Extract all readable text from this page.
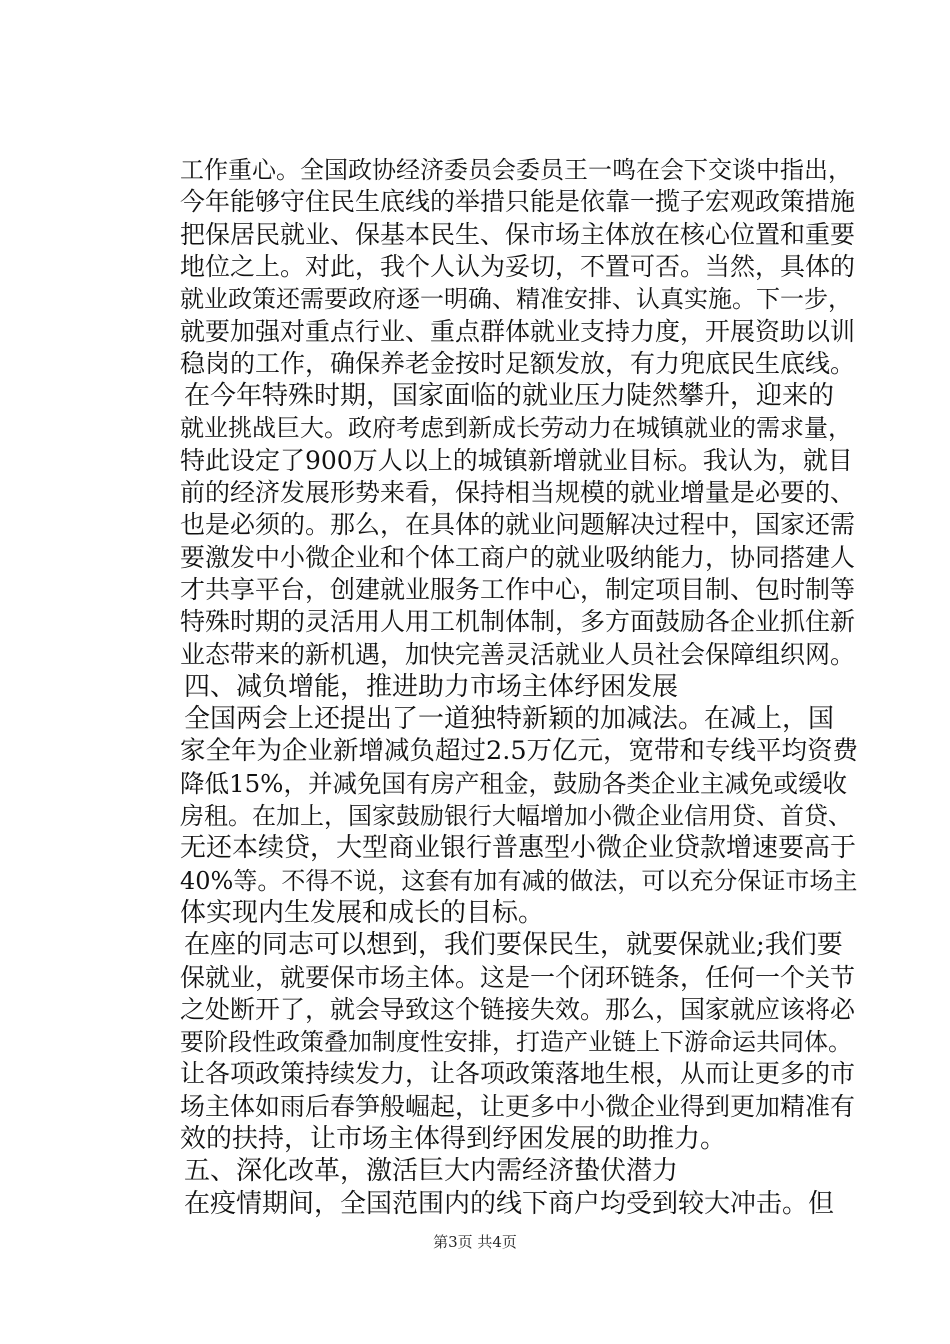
工作重心。全国政协经济委员会委员王一鸣在会下交谈中指出，
今年能够守住民生底线的举措只能是依靠一揽子宏观政策措施
把保居民就业、保基本民生、保市场主体放在核心位置和重要
地位之上。对此，我个人认为妥切，不置可否。当然，具体的
就业政策还需要政府逐一明确、精准安排、认真实施。下一步，
就要加强对重点行业、重点群体就业支持力度，开展资助以训
稳岗的工作，确保养老金按时足额发放，有力兜底民生底线。
在今年特殊时期，国家面临的就业压力陡然攀升，迎来的
就业挑战巨大。政府考虑到新成长劳动力在城镇就业的需求量，
特此设定了900万人以上的城镇新增就业目标。我认为，就目
前的经济发展形势来看，保持相当规模的就业增量是必要的、
也是必须的。那么，在具体的就业问题解决过程中，国家还需
要激发中小微企业和个体工商户的就业吸纳能力，协同搭建人
才共享平台，创建就业服务工作中心，制定项目制、包时制等
特殊时期的灵活用人用工机制体制，多方面鼓励各企业抓住新
业态带来的新机遇，加快完善灵活就业人员社会保障组织网。
四、减负增能，推进助力市场主体纾困发展
全国两会上还提出了一道独特新颖的加减法。在减上，国
家全年为企业新增减负超过2.5万亿元，宽带和专线平均资费
降低15%，并减免国有房产租金，鼓励各类企业主减免或缓收
房租。在加上，国家鼓励银行大幅增加小微企业信用贷、首贷、
无还本续贷，大型商业银行普惠型小微企业贷款增速要高于
40%等。不得不说，这套有加有减的做法，可以充分保证市场主
体实现内生发展和成长的目标。
在座的同志可以想到，我们要保民生，就要保就业;我们要
保就业，就要保市场主体。这是一个闭环链条，任何一个关节
之处断开了，就会导致这个链接失效。那么，国家就应该将必
要阶段性政策叠加制度性安排，打造产业链上下游命运共同体。
让各项政策持续发力，让各项政策落地生根，从而让更多的市
场主体如雨后春笋般崛起，让更多中小微企业得到更加精准有
效的扶持，让市场主体得到纾困发展的助推力。
五、深化改革，激活巨大内需经济蛰伏潜力
在疫情期间，全国范围内的线下商户均受到较大冲击。但
第3页 共4页
